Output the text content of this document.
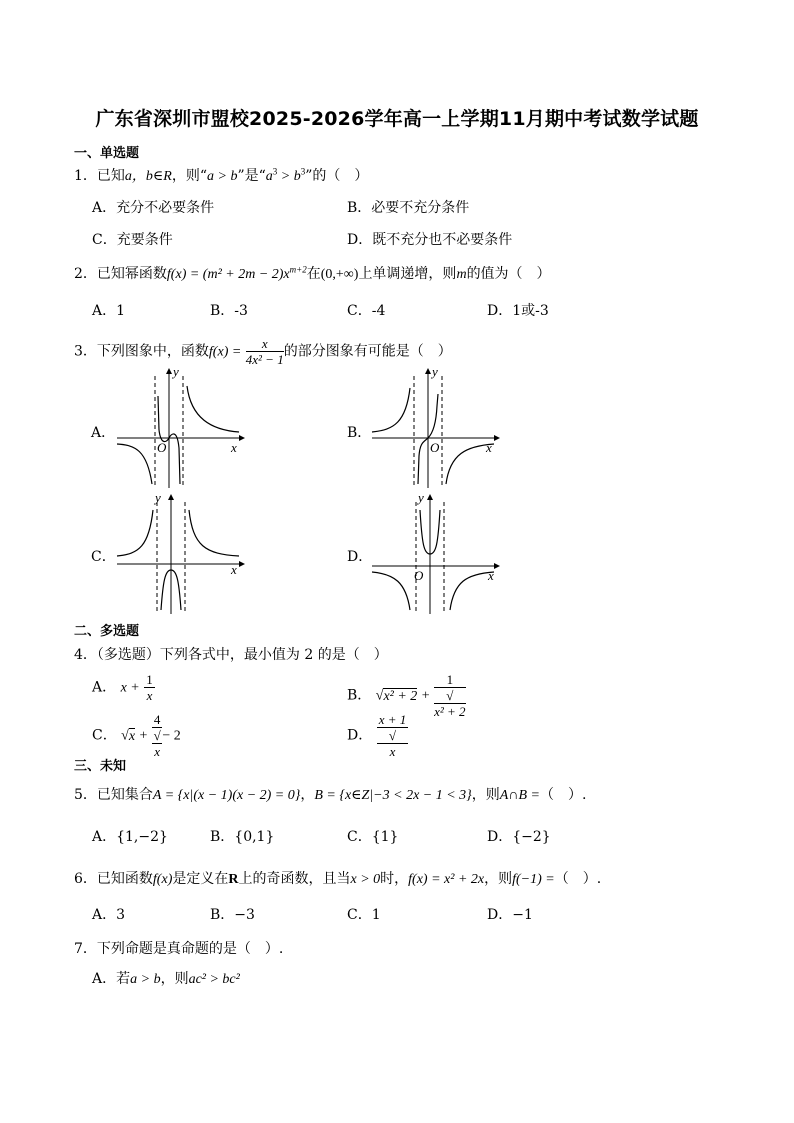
广东省深圳市盟校2025-2026学年高一上学期11月期中考试数学试题
一、单选题
1．已知a，b∈R，则“a > b”是“$a^3 > b^3$”的（　）
A．充分不必要条件	B．必要不充分条件
C．充要条件	D．既不充分也不必要条件
2．已知幂函数$f(x) = (m^2 + 2m - 2)x^{m+2}$在(0,+∞)上单调递增，则m的值为（　）
A．1	B．-3	C．-4	D．1或-3
3．下列图象中，函数$f(x) = \frac{x}{\text{4x² − 1}}$ 的部分图象有可能是（　）
A．
y
x
O
B．
y
x
O
C．
y
x
D．
y
x
O
二、多选题
4．（多选题）下列各式中，最小值为 2 的是（　）
A． $x + \frac{1}{x}$	B． √x² + 2 + 1
√
x² + 2
C． √x + 4
√
x − 2	D． x + 1
√
x
三、未知
5．已知集合A = {x|(x − 1)(x − 2) = 0}，B = {x∈Z|−3 < 2x − 1 < 3}，则A∩B =（　）.
A．{1,−2}	B．{0,1}	C．{1}	D．{−2}
6．已知函数f(x)是定义在R上的奇函数，且当x > 0时，f(x) = x² + 2x，则f(−1) =（　）.
A．3	B．−3	C．1	D．−1
7．下列命题是真命题的是（　）.
A．若a > b，则ac² > bc²
